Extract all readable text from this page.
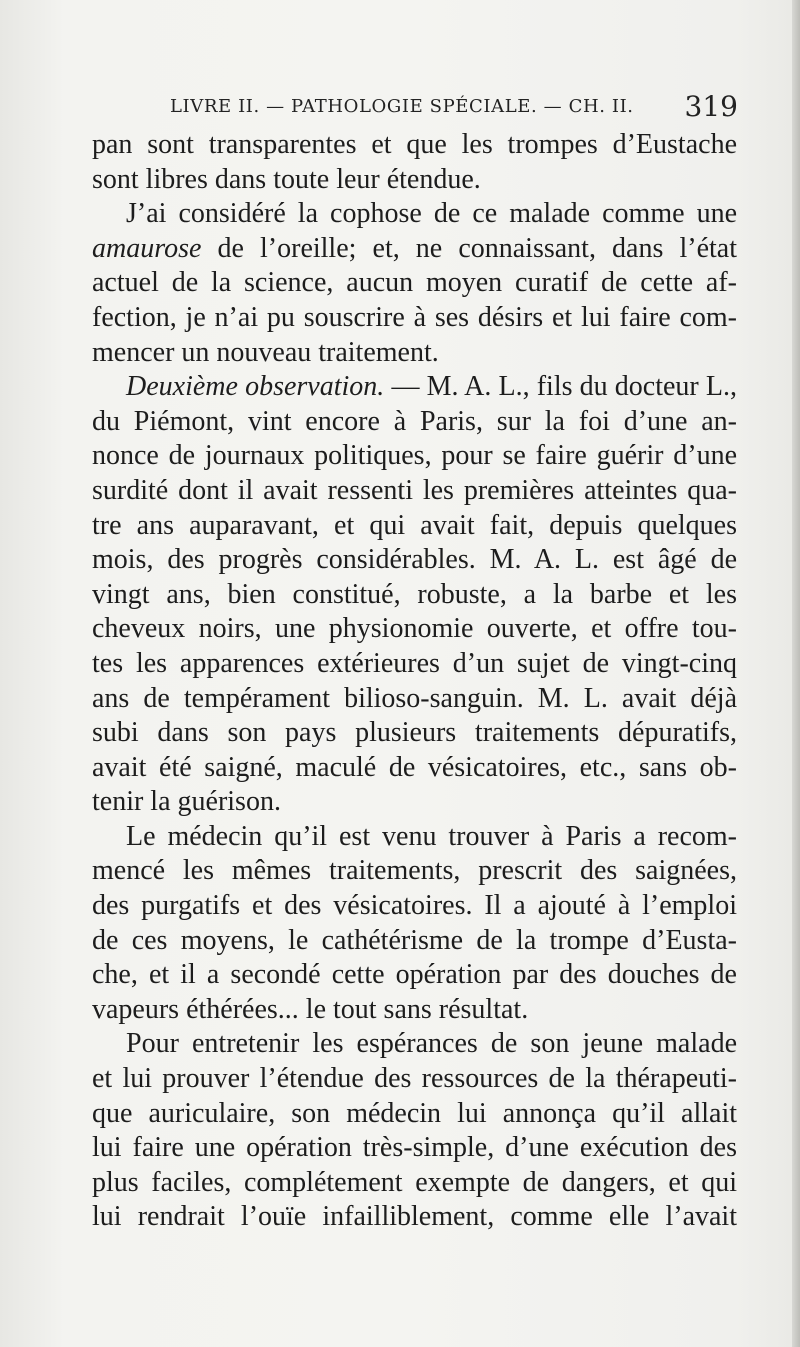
LIVRE II. — PATHOLOGIE SPÉCIALE. — CH. II. 319
pan sont transparentes et que les trompes d’Eustache
sont libres dans toute leur étendue.
J’ai considéré la cophose de ce malade comme une
amaurose de l’oreille; et, ne connaissant, dans l’état
actuel de la science, aucun moyen curatif de cette af-
fection, je n’ai pu souscrire à ses désirs et lui faire com-
mencer un nouveau traitement.
Deuxième observation. — M. A. L., fils du docteur L.,
du Piémont, vint encore à Paris, sur la foi d’une an-
nonce de journaux politiques, pour se faire guérir d’une
surdité dont il avait ressenti les premières atteintes qua-
tre ans auparavant, et qui avait fait, depuis quelques
mois, des progrès considérables. M. A. L. est âgé de
vingt ans, bien constitué, robuste, a la barbe et les
cheveux noirs, une physionomie ouverte, et offre tou-
tes les apparences extérieures d’un sujet de vingt-cinq
ans de tempérament bilioso-sanguin. M. L. avait déjà
subi dans son pays plusieurs traitements dépuratifs,
avait été saigné, maculé de vésicatoires, etc., sans ob-
tenir la guérison.
Le médecin qu’il est venu trouver à Paris a recom-
mencé les mêmes traitements, prescrit des saignées,
des purgatifs et des vésicatoires. Il a ajouté à l’emploi
de ces moyens, le cathétérisme de la trompe d’Eusta-
che, et il a secondé cette opération par des douches de
vapeurs éthérées... le tout sans résultat.
Pour entretenir les espérances de son jeune malade
et lui prouver l’étendue des ressources de la thérapeuti-
que auriculaire, son médecin lui annonça qu’il allait
lui faire une opération très-simple, d’une exécution des
plus faciles, complétement exempte de dangers, et qui
lui rendrait l’ouïe infailliblement, comme elle l’avait
